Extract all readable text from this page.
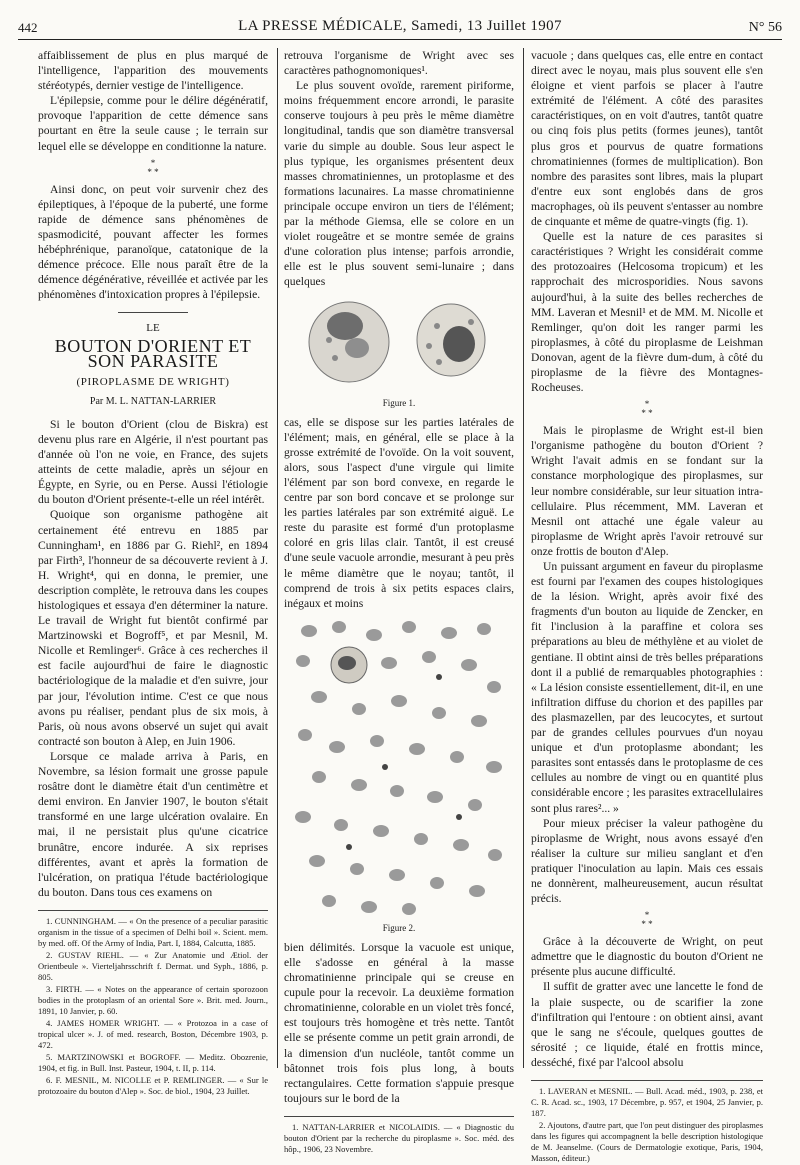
442	LA PRESSE MÉDICALE, Samedi, 13 Juillet 1907	N° 56

affaiblissement de plus en plus marqué de l'intelligence, l'apparition des mouvements stéréotypés, dernier vestige de l'intelligence.

L'épilepsie, comme pour le délire dégénératif, provoque l'apparition de cette démence sans pourtant en être la seule cause ; le terrain sur lequel elle se développe en conditionne la nature.

*
* *

Ainsi donc, on peut voir survenir chez des épileptiques, à l'époque de la puberté, une forme rapide de démence sans phénomènes de spasmodicité, pouvant affecter les formes hébéphrénique, paranoïque, catatonique de la démence précoce. Elle nous paraît être de la démence dégénérative, réveillée et activée par les phénomènes d'intoxication propres à l'épilepsie.

LE
BOUTON D'ORIENT ET SON PARASITE
(PIROPLASME DE WRIGHT)
Par M. L. NATTAN-LARRIER

Si le bouton d'Orient (clou de Biskra) est devenu plus rare en Algérie, il n'est pourtant pas d'année où l'on ne voie, en France, des sujets atteints de cette maladie, après un séjour en Égypte, en Syrie, ou en Perse. Aussi l'étiologie du bouton d'Orient présente-t-elle un réel intérêt.

Quoique son organisme pathogène ait certainement été entrevu en 1885 par Cunningham¹, en 1886 par G. Riehl², en 1894 par Firth³, l'honneur de sa découverte revient à J. H. Wright⁴, qui en donna, le premier, une description complète, le retrouva dans les coupes histologiques et essaya d'en déterminer la nature. Le travail de Wright fut bientôt confirmé par Martzinowski et Bogroff⁵, et par Mesnil, M. Nicolle et Remlinger⁶. Grâce à ces recherches il est facile aujourd'hui de faire le diagnostic bactériologique de la maladie et d'en suivre, jour par jour, l'évolution intime. C'est ce que nous avons pu réaliser, pendant plus de six mois, à Paris, où nous avons observé un sujet qui avait contracté son bouton à Alep, en Juin 1906.

Lorsque ce malade arriva à Paris, en Novembre, sa lésion formait une grosse papule rosâtre dont le diamètre était d'un centimètre et demi environ. En Janvier 1907, le bouton s'était transformé en une large ulcération ovalaire. En mai, il ne persistait plus qu'une cicatrice brunâtre, encore indurée. A six reprises différentes, avant et après la formation de l'ulcération, on pratiqua l'étude bactériologique du bouton. Dans tous ces examens on

1. CUNNINGHAM. — « On the presence of a peculiar parasitic organism in the tissue of a specimen of Delhi boil ». Scient. mem. by med. off. Of the Army of India, Part. I, 1884, Calcutta, 1885.
2. GUSTAV RIEHL. — « Zur Anatomie und Ætiol. der Orientbeule ». Vierteljahrsschrift f. Dermat. und Syph., 1886, p. 805.
3. FIRTH. — « Notes on the appearance of certain sporozoon bodies in the protoplasm of an oriental Sore ». Brit. med. Journ., 1891, 10 Janvier, p. 60.
4. JAMES HOMER WRIGHT. — « Protozoa in a case of tropical ulcer ». J. of med. research, Boston, Décembre 1903, p. 472.
5. MARTZINOWSKI et BOGROFF. — Meditz. Obozrenie, 1904, et fig. in Bull. Inst. Pasteur, 1904, t. II, p. 114.
6. F. MESNIL, M. NICOLLE et P. REMLINGER. — « Sur le protozoaire du bouton d'Alep ». Soc. de biol., 1904, 23 Juillet.

retrouva l'organisme de Wright avec ses caractères pathognomoniques¹.

Le plus souvent ovoïde, rarement piriforme, moins fréquemment encore arrondi, le parasite conserve toujours à peu près le même diamètre longitudinal, tandis que son diamètre transversal varie du simple au double. Sous leur aspect le plus typique, les organismes présentent deux masses chromatiniennes, un protoplasme et des formations lacunaires. La masse chromatinienne principale occupe environ un tiers de l'élément; par la méthode Giemsa, elle se colore en un violet rougeâtre et se montre semée de grains d'une coloration plus intense; parfois arrondie, elle est le plus souvent semi-lunaire ; dans quelques

Figure 1.

cas, elle se dispose sur les parties latérales de l'élément; mais, en général, elle se place à la grosse extrémité de l'ovoïde. On la voit souvent, alors, sous l'aspect d'une virgule qui limite l'élément par son bord convexe, en regarde le centre par son bord concave et se prolonge sur les parties latérales par son extrémité aiguë. Le reste du parasite est formé d'un protoplasme coloré en gris lilas clair. Tantôt, il est creusé d'une seule vacuole arrondie, mesurant à peu près le même diamètre que le noyau; tantôt, il comprend de trois à six petits espaces clairs, inégaux et moins

Figure 2.

bien délimités. Lorsque la vacuole est unique, elle s'adosse en général à la masse chromatinienne principale qui se creuse en cupule pour la recevoir. La deuxième formation chromatinienne, colorable en un violet très foncé, est toujours très homogène et très nette. Tantôt elle se présente comme un petit grain arrondi, de la dimension d'un nucléole, tantôt comme un bâtonnet trois fois plus long, à bouts rectangulaires. Cette formation s'appuie presque toujours sur le bord de la

1. NATTAN-LARRIER et NICOLAIDIS. — « Diagnostic du bouton d'Orient par la recherche du piroplasme ». Soc. méd. des hôp., 1906, 23 Novembre.

vacuole ; dans quelques cas, elle entre en contact direct avec le noyau, mais plus souvent elle s'en éloigne et vient parfois se placer à l'autre extrémité de l'élément. A côté des parasites caractéristiques, on en voit d'autres, tantôt quatre ou cinq fois plus petits (formes jeunes), tantôt plus gros et pourvus de quatre formations chromatiniennes (formes de multiplication). Bon nombre des parasites sont libres, mais la plupart d'entre eux sont englobés dans de gros macrophages, où ils peuvent s'entasser au nombre de cinquante et même de quatre-vingts (fig. 1).

Quelle est la nature de ces parasites si caractéristiques ? Wright les considérait comme des protozoaires (Helcosoma tropicum) et les rapprochait des microsporidies. Nous savons aujourd'hui, à la suite des belles recherches de MM. Laveran et Mesnil¹ et de MM. M. Nicolle et Remlinger, qu'on doit les ranger parmi les piroplasmes, à côté du piroplasme de Leishman Donovan, agent de la fièvre dum-dum, à côté du piroplasme de la fièvre des Montagnes-Rocheuses.

*
* *

Mais le piroplasme de Wright est-il bien l'organisme pathogène du bouton d'Orient ? Wright l'avait admis en se fondant sur la constance morphologique des piroplasmes, sur leur nombre considérable, sur leur situation intra-cellulaire. Plus récemment, MM. Laveran et Mesnil ont attaché une égale valeur au piroplasme de Wright après l'avoir retrouvé sur onze frottis de bouton d'Alep.

Un puissant argument en faveur du piroplasme est fourni par l'examen des coupes histologiques de la lésion. Wright, après avoir fixé des fragments d'un bouton au liquide de Zencker, en fit l'inclusion à la paraffine et colora ses préparations au bleu de méthylène et au violet de gentiane. Il obtint ainsi de très belles préparations dont il a publié de remarquables photographies : « La lésion consiste essentiellement, dit-il, en une infiltration diffuse du chorion et des papilles par des plasmazellen, par des leucocytes, et surtout par de grandes cellules pourvues d'un noyau unique et d'un protoplasme abondant; les parasites sont entassés dans le protoplasme de ces cellules au nombre de vingt ou en quantité plus considérable encore ; les parasites extracellulaires sont plus rares²... »

Pour mieux préciser la valeur pathogène du piroplasme de Wright, nous avons essayé d'en réaliser la culture sur milieu sanglant et d'en pratiquer l'inoculation au lapin. Mais ces essais ne donnèrent, malheureusement, aucun résultat précis.

*
* *

Grâce à la découverte de Wright, on peut admettre que le diagnostic du bouton d'Orient ne présente plus aucune difficulté.

Il suffit de gratter avec une lancette le fond de la plaie suspecte, ou de scarifier la zone d'infiltration qui l'entoure : on obtient ainsi, avant que le sang ne s'écoule, quelques gouttes de sérosité ; ce liquide, étalé en frottis mince, desséché, fixé par l'alcool absolu

1. LAVERAN et MESNIL. — Bull. Acad. méd., 1903, p. 238, et C. R. Acad. sc., 1903, 17 Décembre, p. 957, et 1904, 25 Janvier, p. 187.
2. Ajoutons, d'autre part, que l'on peut distinguer des piroplasmes dans les figures qui accompagnent la belle description histologique de M. Jeanselme. (Cours de Dermatologie exotique, Paris, 1904, Masson, éditeur.)
